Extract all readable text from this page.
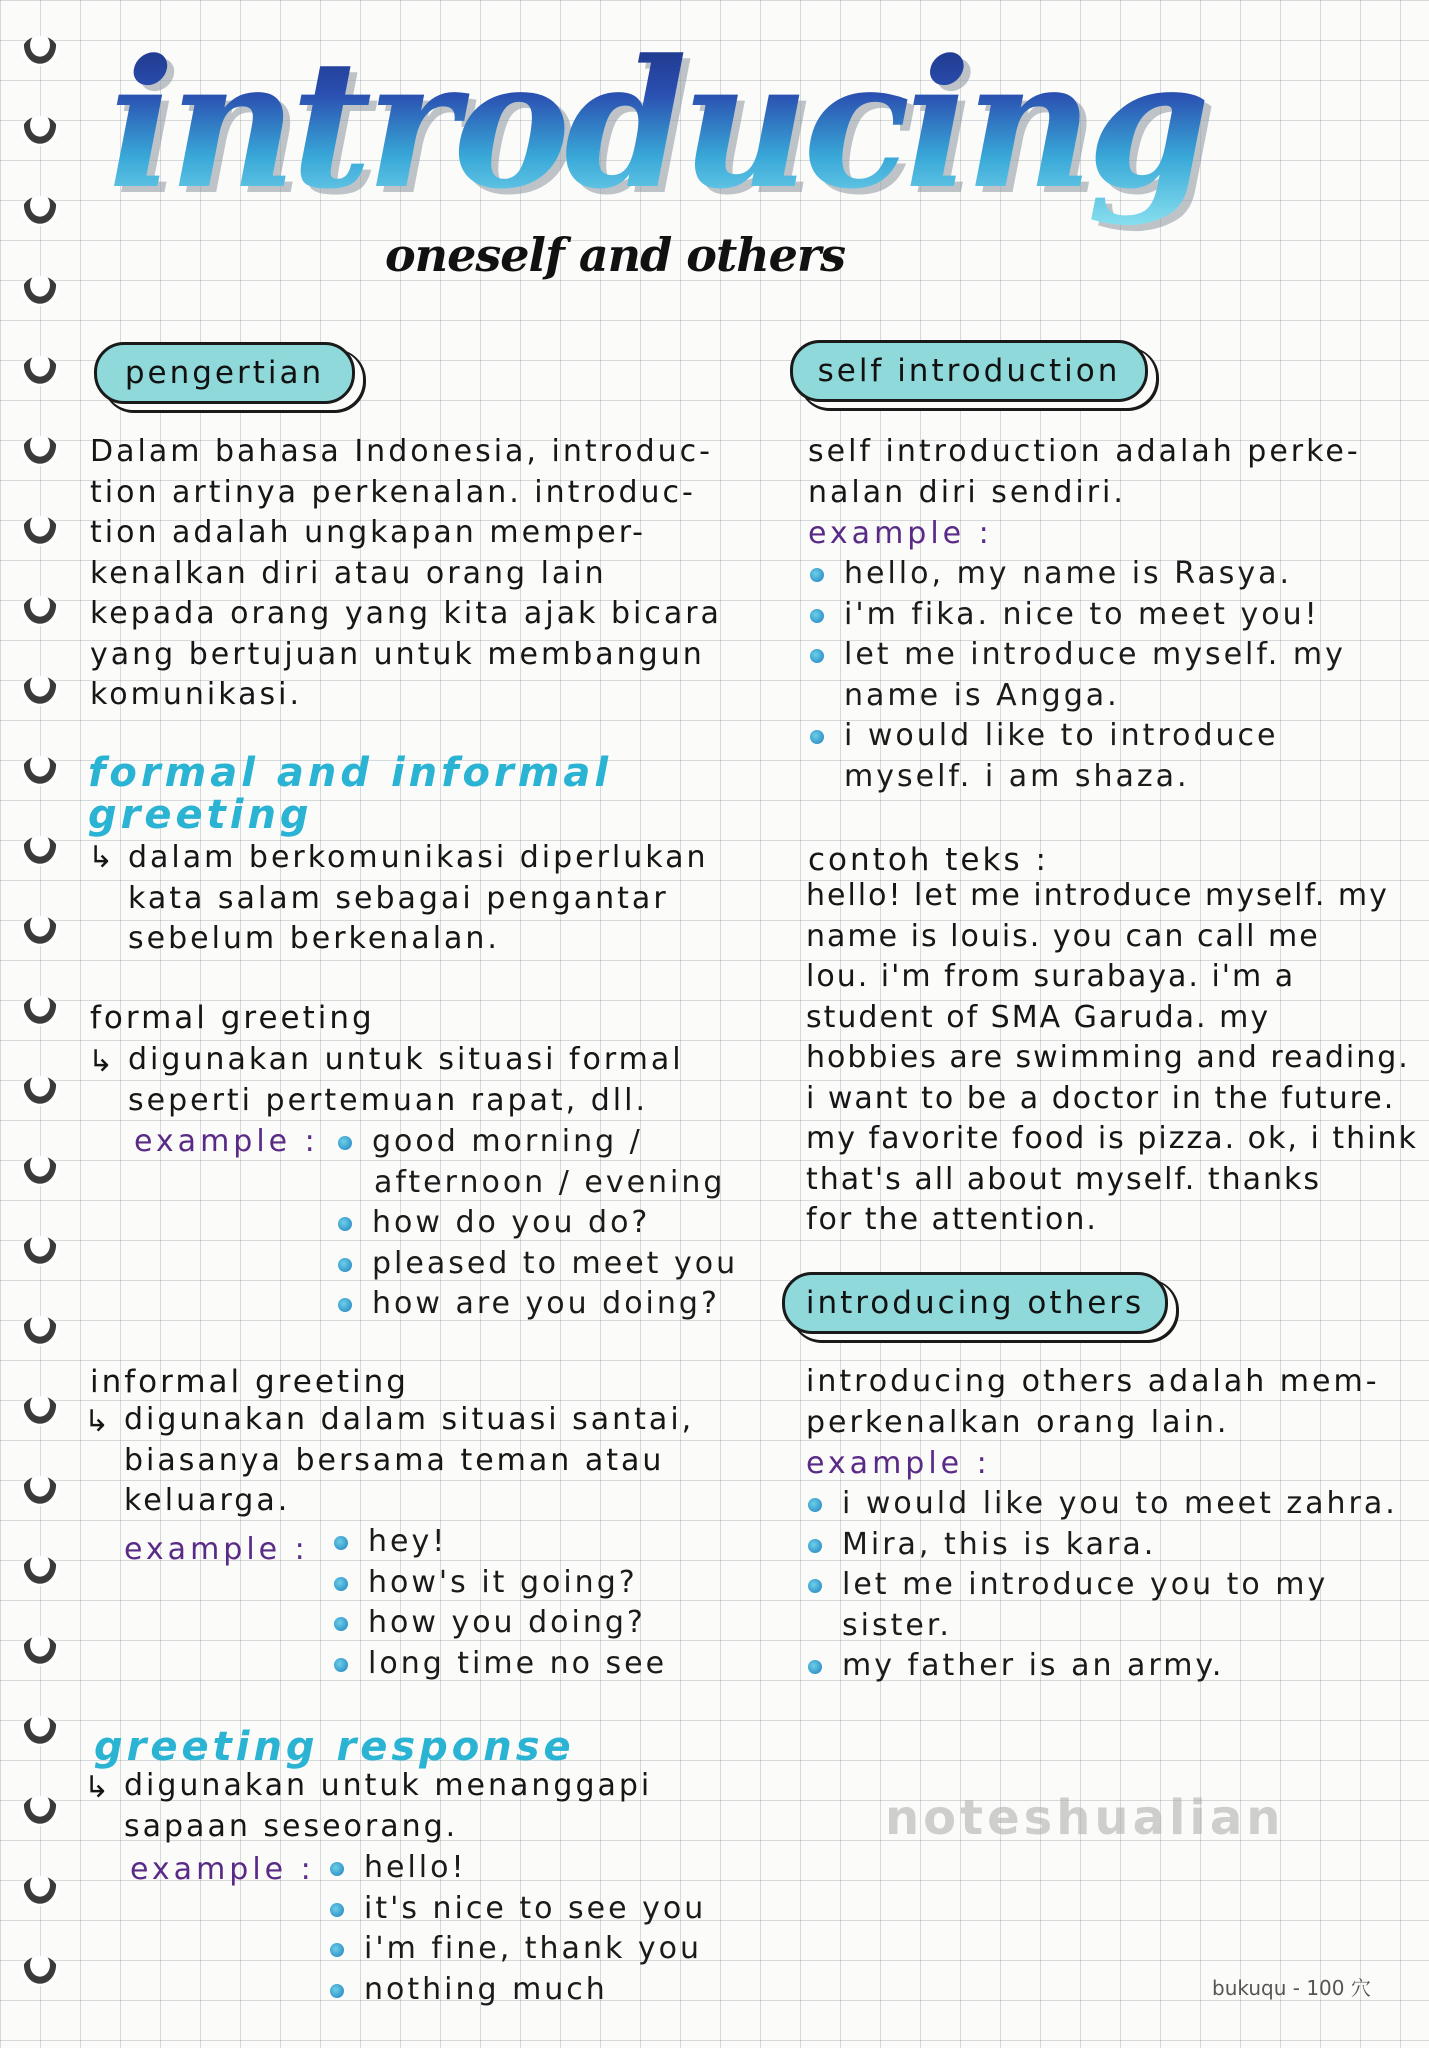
introducing
oneself and others
pengertian
Dalam bahasa Indonesia, introduc-
tion artinya perkenalan. introduc-
tion adalah ungkapan memper-
kenalkan diri atau orang lain
kepada orang yang kita ajak bicara
yang bertujuan untuk membangun
komunikasi.
formal and informal
greeting
↳ dalam berkomunikasi diperlukan
kata salam sebagai pengantar
sebelum berkenalan.
formal greeting
↳ digunakan untuk situasi formal
seperti pertemuan rapat, dll.
example :	good morning /
afternoon / evening
how do you do?
pleased to meet you
how are you doing?
informal greeting
↳ digunakan dalam situasi santai,
biasanya bersama teman atau
keluarga.
example :	hey!
how's it going?
how you doing?
long time no see
greeting response
↳ digunakan untuk menanggapi
sapaan seseorang.
example :	hello!
it's nice to see you
i'm fine, thank you
nothing much
self introduction
self introduction adalah perke-
nalan diri sendiri.
example :
hello, my name is Rasya.
i'm fika. nice to meet you!
let me introduce myself. my
name is Angga.
i would like to introduce
myself. i am shaza.
contoh teks :
hello! let me introduce myself. my
name is louis. you can call me
lou. i'm from surabaya. i'm a
student of SMA Garuda. my
hobbies are swimming and reading.
i want to be a doctor in the future.
my favorite food is pizza. ok, i think
that's all about myself. thanks
for the attention.
introducing others
introducing others adalah mem-
perkenalkan orang lain.
example :
i would like you to meet zahra.
Mira, this is kara.
let me introduce you to my
sister.
my father is an army.
noteshualian
bukuqu - 100 穴
